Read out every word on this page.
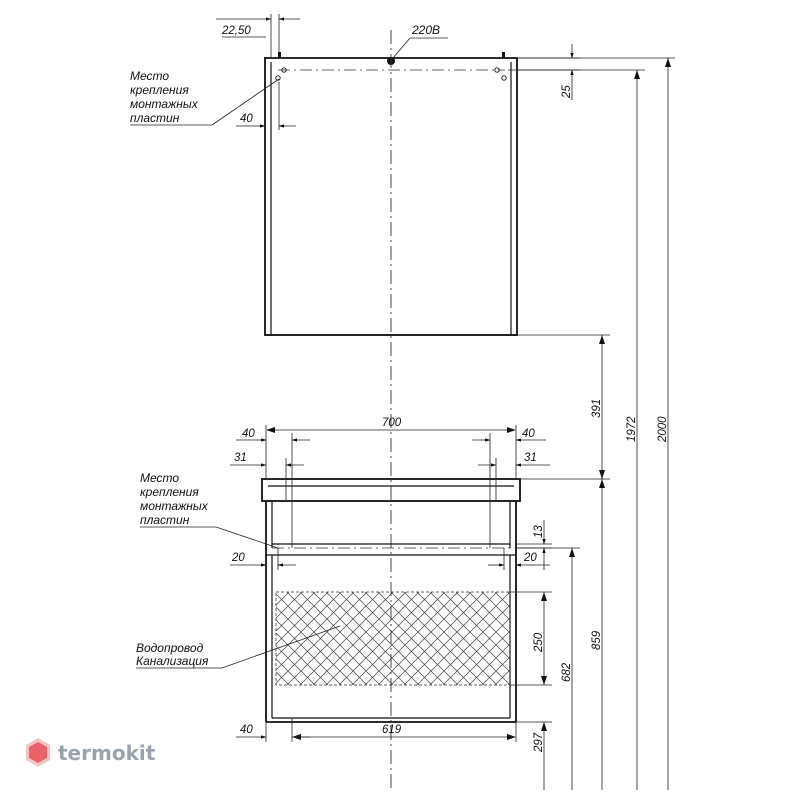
220В
22,50
Место
крепления
монтажных
пластин	40
25
1972 2000
391
700
40	40
31	31
Место
крепления
монтажных
пластин
13
20	20
Водопровод
Канализация
250
682
859
297
619
40
termokit
